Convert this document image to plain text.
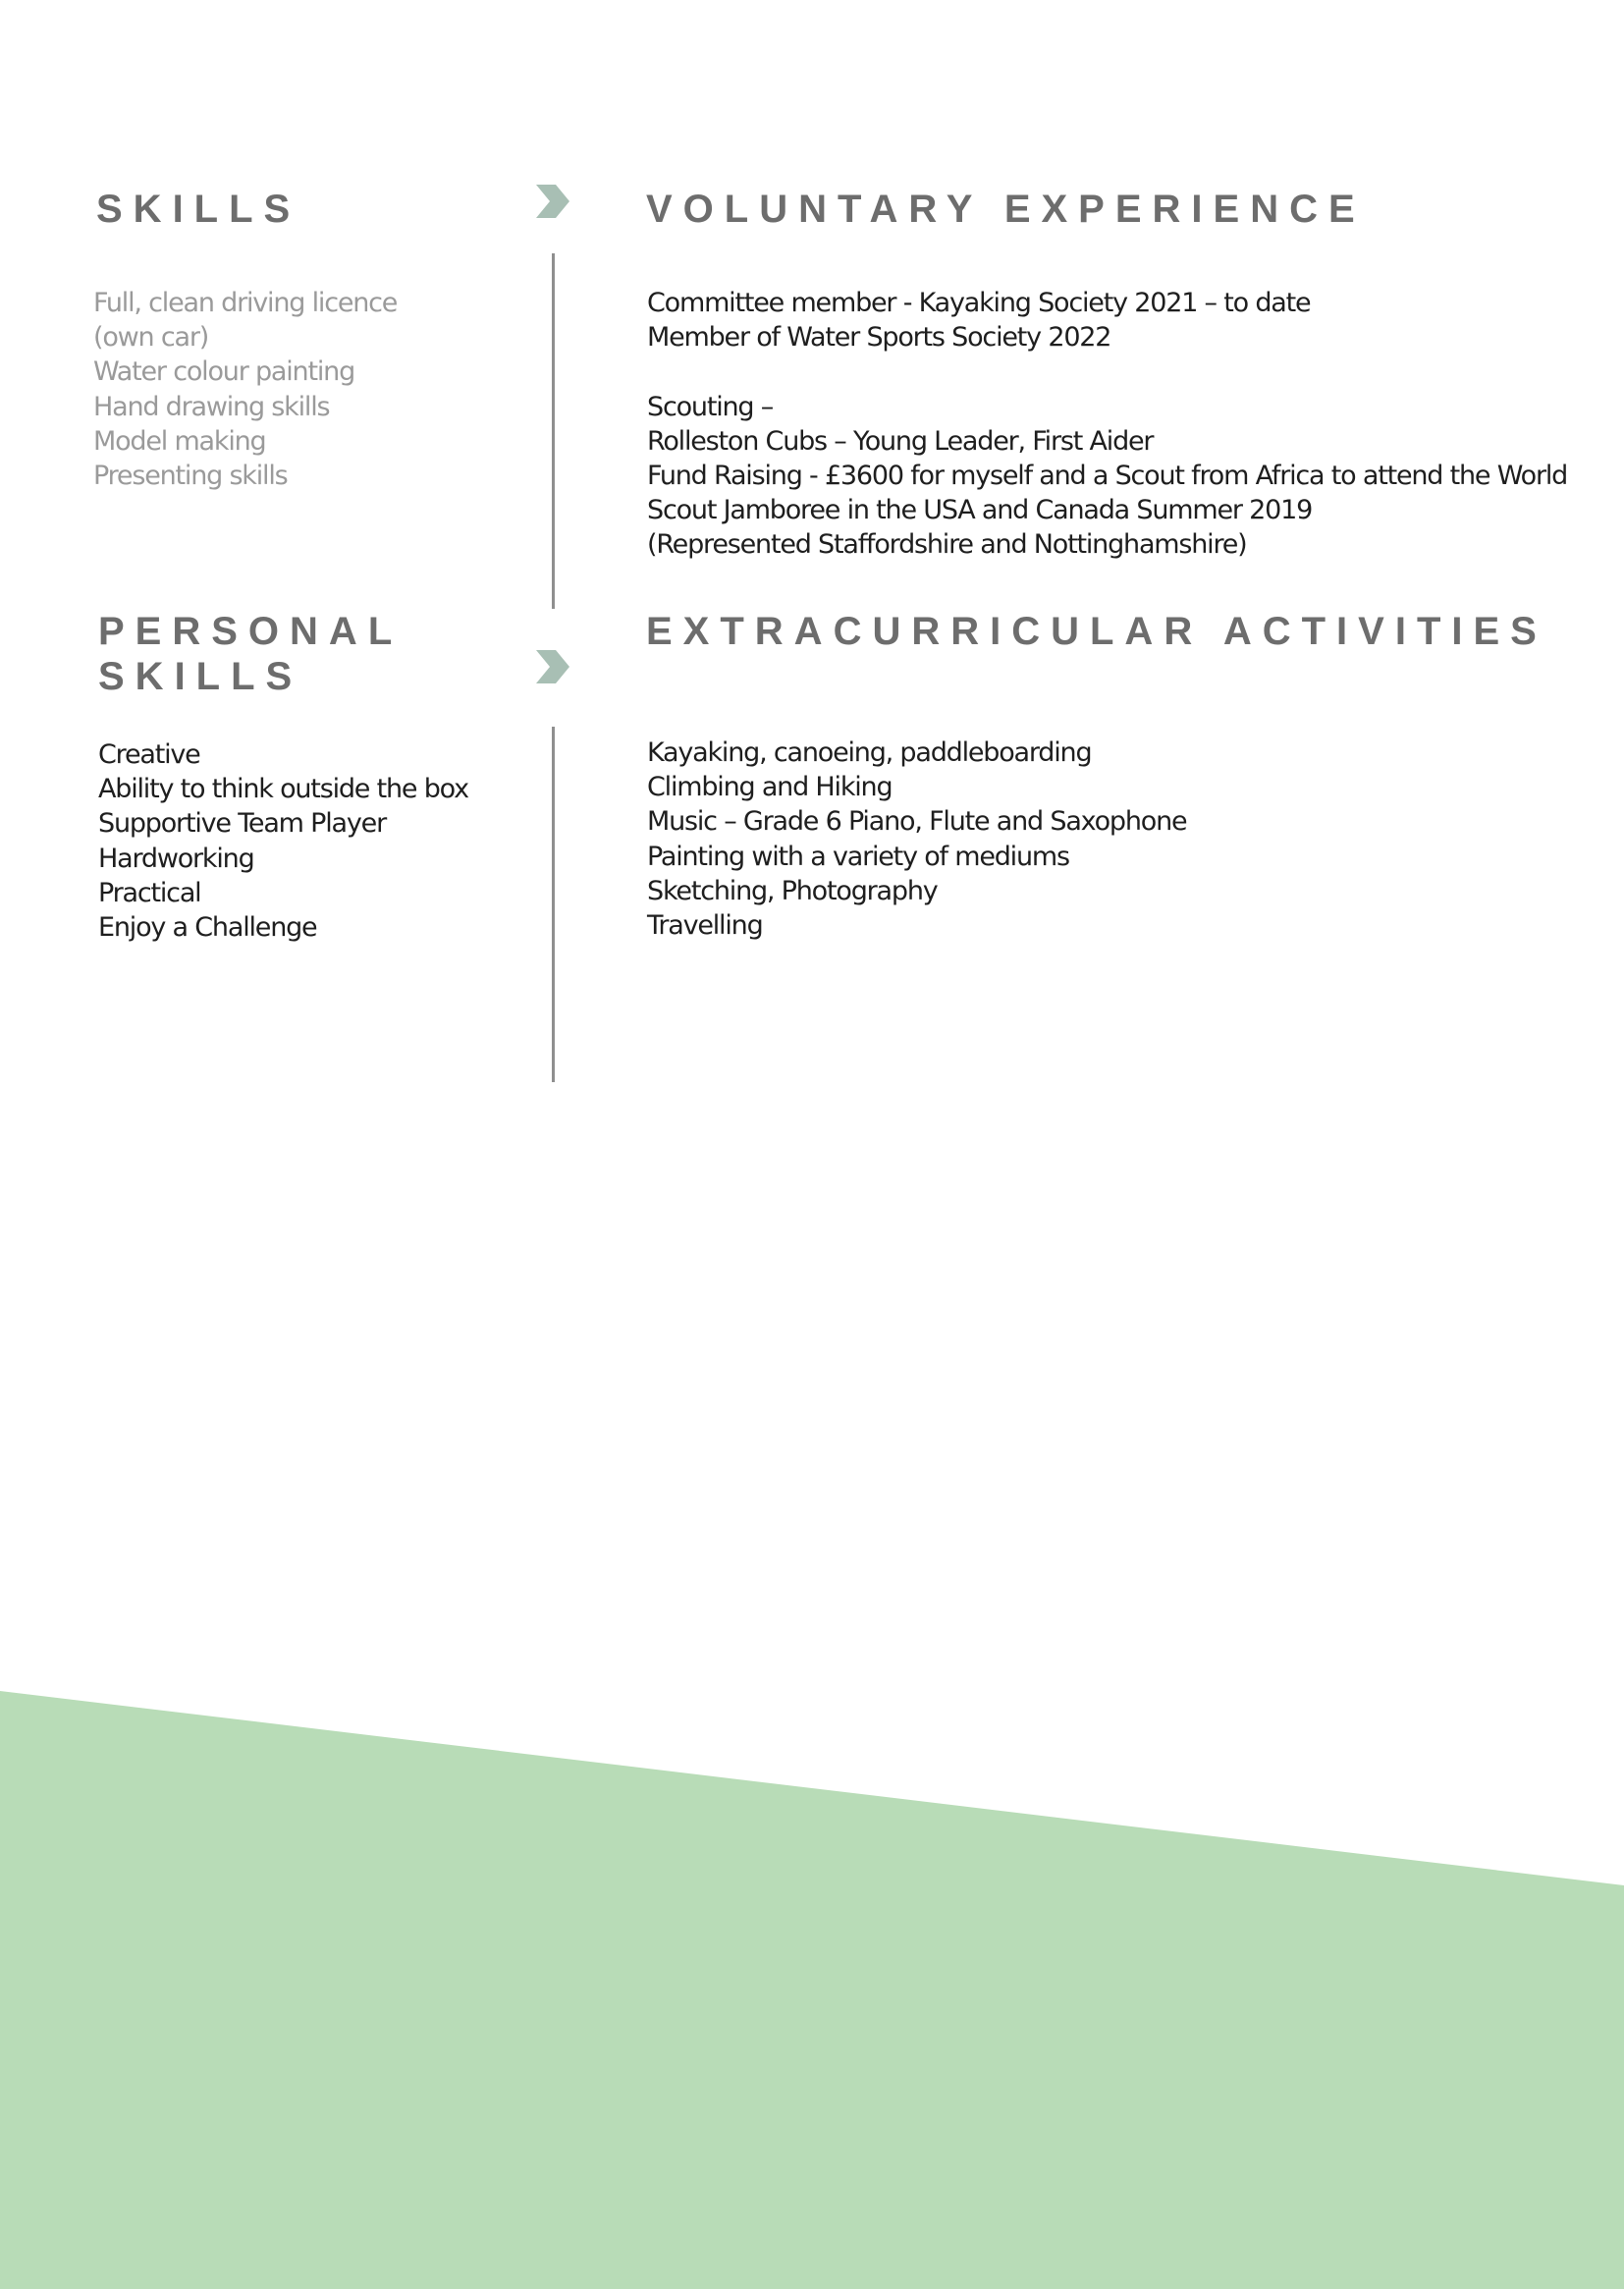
SKILLS
Full, clean driving licence
(own car)
Water colour painting
Hand drawing skills
Model making
Presenting skills
VOLUNTARY EXPERIENCE
Committee member - Kayaking Society 2021 – to date
Member of Water Sports Society 2022
Scouting –
Rolleston Cubs – Young Leader, First Aider
Fund Raising - £3600 for myself and a Scout from Africa to attend the World
Scout Jamboree in the USA and Canada Summer 2019
(Represented Staffordshire and Nottinghamshire)
PERSONAL
SKILLS
Creative
Ability to think outside the box
Supportive Team Player
Hardworking
Practical
Enjoy a Challenge
EXTRACURRICULAR ACTIVITIES
Kayaking, canoeing, paddleboarding
Climbing and Hiking
Music – Grade 6 Piano, Flute and Saxophone
Painting with a variety of mediums
Sketching, Photography
Travelling
